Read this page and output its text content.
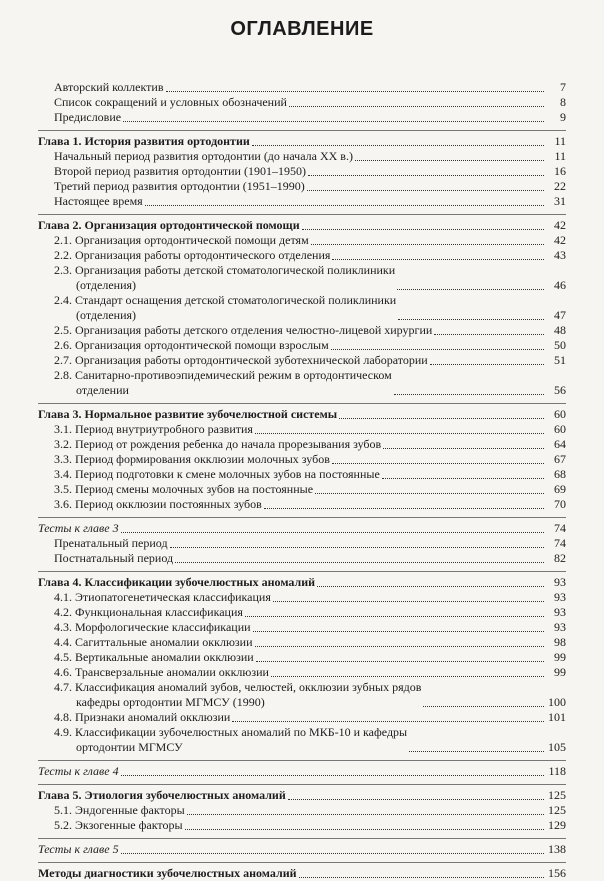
ОГЛАВЛЕНИЕ
Авторский коллектив	7
Список сокращений и условных обозначений	8
Предисловие	9
Глава 1. История развития ортодонтии	11
Начальный период развития ортодонтии (до начала XX в.)	11
Второй период развития ортодонтии (1901–1950)	16
Третий период развития ортодонтии (1951–1990)	22
Настоящее время	31
Глава 2. Организация ортодонтической помощи	42
2.1. Организация ортодонтической помощи детям	42
2.2. Организация работы ортодонтического отделения	43
2.3. Организация работы детской стоматологической поликлиники
(отделения)	46
2.4. Стандарт оснащения детской стоматологической поликлиники
(отделения)	47
2.5. Организация работы детского отделения челюстно-лицевой хирургии	48
2.6. Организация ортодонтической помощи взрослым	50
2.7. Организация работы ортодонтической зуботехнической лаборатории	51
2.8. Санитарно-противоэпидемический режим в ортодонтическом
отделении	56
Глава 3. Нормальное развитие зубочелюстной системы	60
3.1. Период внутриутробного развития	60
3.2. Период от рождения ребенка до начала прорезывания зубов	64
3.3. Период формирования окклюзии молочных зубов	67
3.4. Период подготовки к смене молочных зубов на постоянные	68
3.5. Период смены молочных зубов на постоянные	69
3.6. Период окклюзии постоянных зубов	70
Тесты к главе 3	74
Пренатальный период	74
Постнатальный период	82
Глава 4. Классификации зубочелюстных аномалий	93
4.1. Этиопатогенетическая классификация	93
4.2. Функциональная классификация	93
4.3. Морфологические классификации	93
4.4. Сагиттальные аномалии окклюзии	98
4.5. Вертикальные аномалии окклюзии	99
4.6. Трансверзальные аномалии окклюзии	99
4.7. Классификация аномалий зубов, челюстей, окклюзии зубных рядов
кафедры ортодонтии МГМСУ (1990)	100
4.8. Признаки аномалий окклюзии	101
4.9. Классификации зубочелюстных аномалий по МКБ-10 и кафедры
ортодонтии МГМСУ	105
Тесты к главе 4	118
Глава 5. Этиология зубочелюстных аномалий	125
5.1. Эндогенные факторы	125
5.2. Экзогенные факторы	129
Тесты к главе 5	138
Методы диагностики зубочелюстных аномалий	156
